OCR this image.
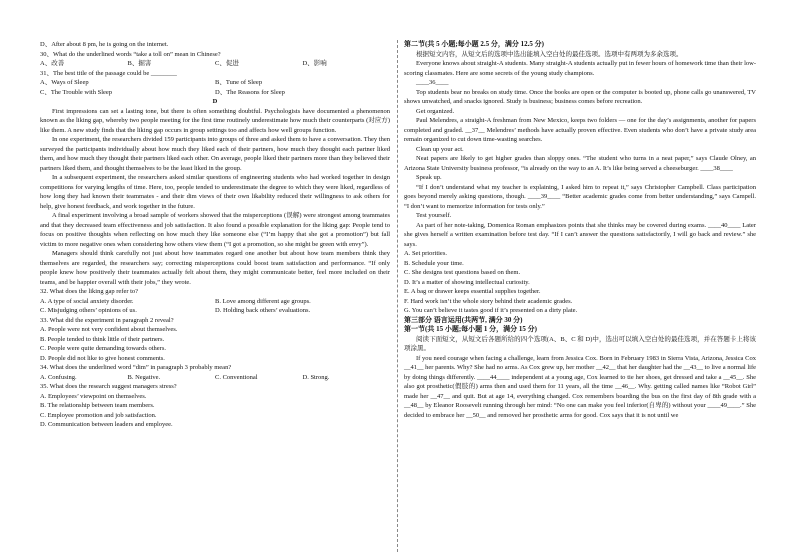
D、After about 8 pm, he is going on the internet.
30、What do the underlined words “take a toll on” mean in Chinese?
A、改善	B、掘害	C、促进	D、影响
31、The best title of the passage could be ________
A、Ways of Sleep	B、Tune of Sleep
C、The Trouble with Sleep	D、The Reasons for Sleep
D
First impressions can set a lasting tone, but there is often something doubtful. Psychologists have documented a phenomenon known as the liking gap, whereby two people meeting for the first time routinely underestimate how much their counterparts (对应方) like them. A new study finds that the liking gap occurs in group settings too and affects how well groups function.
In one experiment, the researchers divided 159 participants into groups of three and asked them to have a conversation. They then surveyed the participants individually about how much they liked each of their partners, how much they thought each partner liked them, and how much they thought their partners liked each other. On average, people liked their partners more than they believed their partners liked them, and thought themselves to be the least liked in the group.
In a subsequent experiment, the researchers asked similar questions of engineering students who had worked together in design competitions for varying lengths of time. Here, too, people tended to underestimate the degree to which they were liked, regardless of how long they had known their teammates - and their dim views of their own likability reduced their willingness to ask others for help, give honest feedback, and work together in the future.
A final experiment involving a broad sample of workers showed that the misperceptions (误解) were strongest among teammates and that they decreased team effectiveness and job satisfaction. It also found a possible explanation for the liking gap: People tend to focus on positive thoughts when reflecting on how much they like someone else (“I’m happy that she got a promotion”) but fall victim to more negative ones when considering how others view them (“I got a promotion, so she might be green with envy”).
Managers should think carefully not just about how teammates regard one another but about how team members think they themselves are regarded, the researchers say; correcting misperceptions could boost team satisfaction and performance. “If only people knew how positively their teammates actually felt about them, they might communicate better, feel more included on their teams, and be happier overall with their jobs,” they wrote.
32. What does the liking gap refer to?
A. A type of social anxiety disorder.	B. Love among different age groups.
C. Misjudging others’ opinions of us.	D. Holding back others’ evaluations.
33. What did the experiment in paragraph 2 reveal?
A. People were not very confident about themselves.
B. People tended to think little of their partners.
C. People were quite demanding towards others.
D. People did not like to give honest comments.
34. What does the underlined word “dim” in paragraph 3 probably mean?
A. Confusing.	B. Negative.	C. Conventional	D. Strong.
35. What does the research suggest managers stress?
A. Employees’ viewpoint on themselves.
B. The relationship between team members.
C. Employee promotion and job satisfaction.
D. Communication between leaders and employee.
第二节(共 5 小题;每小题 2.5 分，满分 12.5 分)
根据短文内容，从短文后的选项中选出能填入空白处的最佳选项。选项中有两项为多余选项。
Everyone knows about straight-A students. Many straight-A students actually put in fewer hours of homework time than their low-scoring classmates. Here are some secrets of the young study champions.
____36____
Top students bear no breaks on study time. Once the books are open or the computer is booted up, phone calls go unanswered, TV shows unwatched, and snacks ignored. Study is business; business comes before recreation.
Get organized.
Paul Melendres, a straight-A freshman from New Mexico, keeps two folders — one for the day’s assignments, another for papers completed and graded. __37__ Melendres’ methods have actually proven effective. Even students who don’t have a private study area remain organized to cut down time-wasting searches.
Clean up your act.
Neat papers are likely to get higher grades than sloppy ones. “The student who turns in a neat paper,” says Claude Olney, an Arizona State University business professor, “is already on the way to an A. It’s like being served a cheeseburger. ____38____
Speak up.
“If I don’t understand what my teacher is explaining, I asked him to repeat it,” says Christopher Campbell. Class participation goes beyond merely asking questions, though. ____39____ “Better academic grades come from better understanding,” says Campell. “I don’t want to memorize information for tests only.”
Test yourself.
As part of her note-taking, Domenica Roman emphasizes points that she thinks may be covered during exams. ____40____ Later she gives herself a written examination before test day. “If I can’t answer the questions satisfactorily, I will go back and review.” she says.
A. Set priorities.
B. Schedule your time.
C. She designs test questions based on them.
D. It’s a matter of showing intellectual curiosity.
E. A bag or drawer keeps essential supplies together.
F. Hard work isn’t the whole story behind their academic grades.
G. You can’t believe it tastes good if it’s presented on a dirty plate.
第三部分 语言运用(共两节, 满分 30 分)
第一节(共 15 小题;每小题 1 分，满分 15 分)
阅读下面短文，从短文后各题所给的四个选项(A、B、C 和 D)中，选出可以填入空白处的最佳选项，并在答题卡上将该项涂黑。
If you need courage when facing a challenge, learn from Jessica Cox. Born in February 1983 in Sierra Vista, Arizona, Jessica Cox __41__ her parents. Why? She had no arms. As Cox grew up, her mother __42__ that her daughter had the __43__ to live a normal life by doing things differently. ____44____ independent at a young age, Cox learned to tie her shoes, get dressed and take a __45__. She also got prosthetic(假肢的) arms then and used them for 11 years, all the time __46__. Why. getting called names like “Robot Girl” made her __47__ and quit. But at age 14, everything changed. Cox remembers boarding the bus on the first day of 8th grade with a __48__ by Eleanor Roosevelt running through her mind: “No one can make you feel inferior(自卑的) without your ____49____.” She decided to embrace her __50__ and removed her prosthetic arms for good. Cox says that it is not until we
